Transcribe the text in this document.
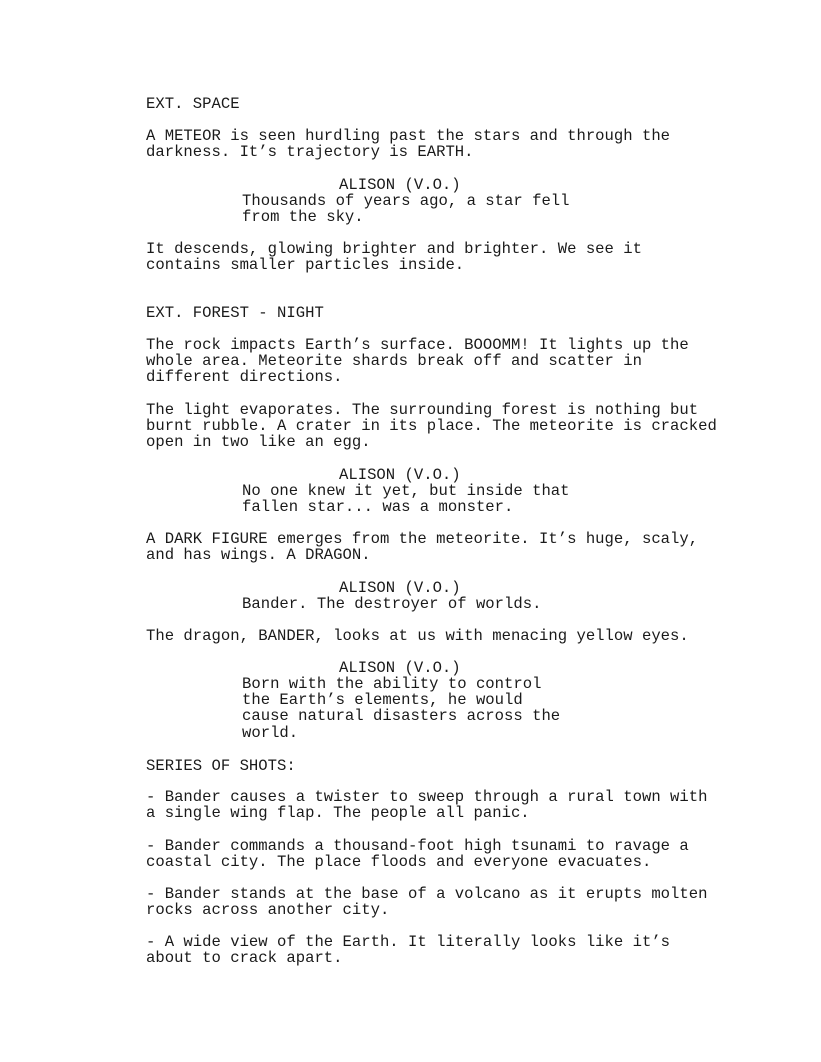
EXT. SPACE
A METEOR is seen hurdling past the stars and through the
darkness. It’s trajectory is EARTH.
ALISON (V.O.)
Thousands of years ago, a star fell
from the sky.
It descends, glowing brighter and brighter. We see it
contains smaller particles inside.
EXT. FOREST - NIGHT
The rock impacts Earth’s surface. BOOOMM! It lights up the
whole area. Meteorite shards break off and scatter in
different directions.
The light evaporates. The surrounding forest is nothing but
burnt rubble. A crater in its place. The meteorite is cracked
open in two like an egg.
ALISON (V.O.)
No one knew it yet, but inside that
fallen star... was a monster.
A DARK FIGURE emerges from the meteorite. It’s huge, scaly,
and has wings. A DRAGON.
ALISON (V.O.)
Bander. The destroyer of worlds.
The dragon, BANDER, looks at us with menacing yellow eyes.
ALISON (V.O.)
Born with the ability to control
the Earth’s elements, he would
cause natural disasters across the
world.
SERIES OF SHOTS:
- Bander causes a twister to sweep through a rural town with
a single wing flap. The people all panic.
- Bander commands a thousand-foot high tsunami to ravage a
coastal city. The place floods and everyone evacuates.
- Bander stands at the base of a volcano as it erupts molten
rocks across another city.
- A wide view of the Earth. It literally looks like it’s
about to crack apart.
